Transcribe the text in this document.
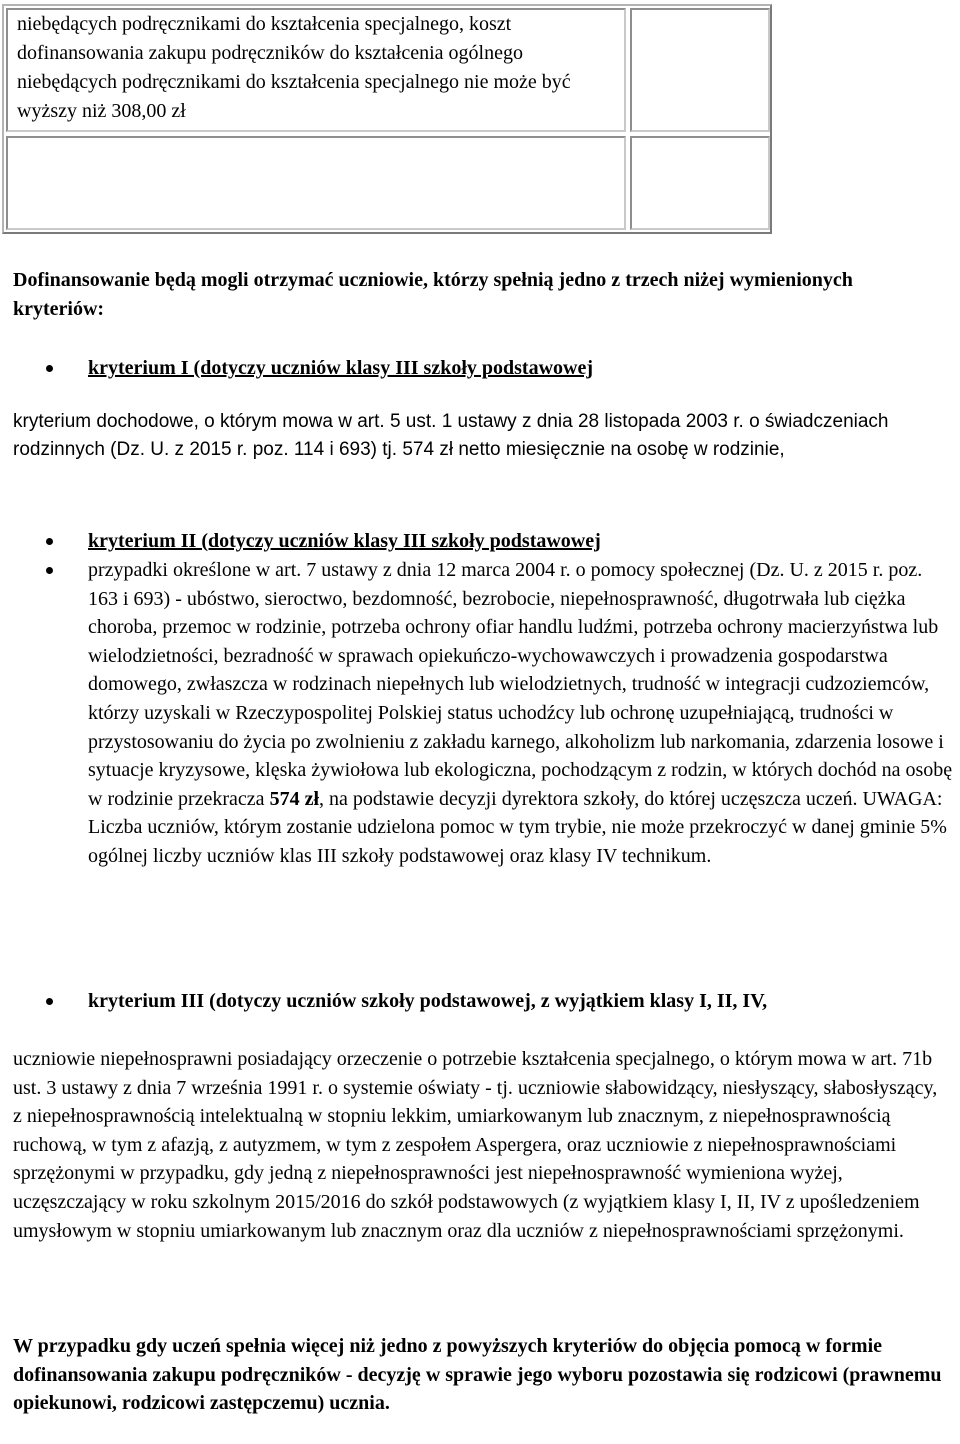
niebędących podręcznikami do kształcenia specjalnego, koszt dofinansowania zakupu podręczników do kształcenia ogólnego niebędących podręcznikami do kształcenia specjalnego nie może być wyższy niż 308,00 zł

Dofinansowanie będą mogli otrzymać uczniowie, którzy spełnią jedno z trzech niżej wymienionych kryteriów:

kryterium I (dotyczy uczniów klasy III szkoły podstawowej

kryterium dochodowe, o którym mowa w art. 5 ust. 1 ustawy z dnia 28 listopada 2003 r. o świadczeniach rodzinnych (Dz. U. z 2015 r. poz. 114 i 693) tj. 574 zł netto miesięcznie na osobę w rodzinie,

kryterium II (dotyczy uczniów klasy III szkoły podstawowej

przypadki określone w art. 7 ustawy z dnia 12 marca 2004 r. o pomocy społecznej (Dz. U. z 2015 r. poz. 163 i 693) - ubóstwo, sieroctwo, bezdomność, bezrobocie, niepełnosprawność, długotrwała lub ciężka choroba, przemoc w rodzinie, potrzeba ochrony ofiar handlu ludźmi, potrzeba ochrony macierzyństwa lub wielodzietności, bezradność w sprawach opiekuńczo-wychowawczych i prowadzenia gospodarstwa domowego, zwłaszcza w rodzinach niepełnych lub wielodzietnych, trudność w integracji cudzoziemców, którzy uzyskali w Rzeczypospolitej Polskiej status uchodźcy lub ochronę uzupełniającą, trudności w przystosowaniu do życia po zwolnieniu z zakładu karnego, alkoholizm lub narkomania, zdarzenia losowe i sytuacje kryzysowe, klęska żywiołowa lub ekologiczna, pochodzącym z rodzin, w których dochód na osobę w rodzinie przekracza 574 zł, na podstawie decyzji dyrektora szkoły, do której uczęszcza uczeń. UWAGA: Liczba uczniów, którym zostanie udzielona pomoc w tym trybie, nie może przekroczyć w danej gminie 5% ogólnej liczby uczniów klas III szkoły podstawowej oraz klasy IV technikum.

kryterium III (dotyczy uczniów szkoły podstawowej, z wyjątkiem klasy I, II, IV,

uczniowie niepełnosprawni posiadający orzeczenie o potrzebie kształcenia specjalnego, o którym mowa w art. 71b ust. 3 ustawy z dnia 7 września 1991 r. o systemie oświaty - tj. uczniowie słabowidzący, niesłyszący, słabosłyszący, z niepełnosprawnością intelektualną w stopniu lekkim, umiarkowanym lub znacznym, z niepełnosprawnością ruchową, w tym z afazją, z autyzmem, w tym z zespołem Aspergera, oraz uczniowie z niepełnosprawnościami sprzężonymi w przypadku, gdy jedną z niepełnosprawności jest niepełnosprawność wymieniona wyżej, uczęszczający w roku szkolnym 2015/2016 do szkół podstawowych (z wyjątkiem klasy I, II, IV z upośledzeniem umysłowym w stopniu umiarkowanym lub znacznym oraz dla uczniów z niepełnosprawnościami sprzężonymi.

W przypadku gdy uczeń spełnia więcej niż jedno z powyższych kryteriów do objęcia pomocą w formie dofinansowania zakupu podręczników - decyzję w sprawie jego wyboru pozostawia się rodzicowi (prawnemu opiekunowi, rodzicowi zastępczemu) ucznia.
